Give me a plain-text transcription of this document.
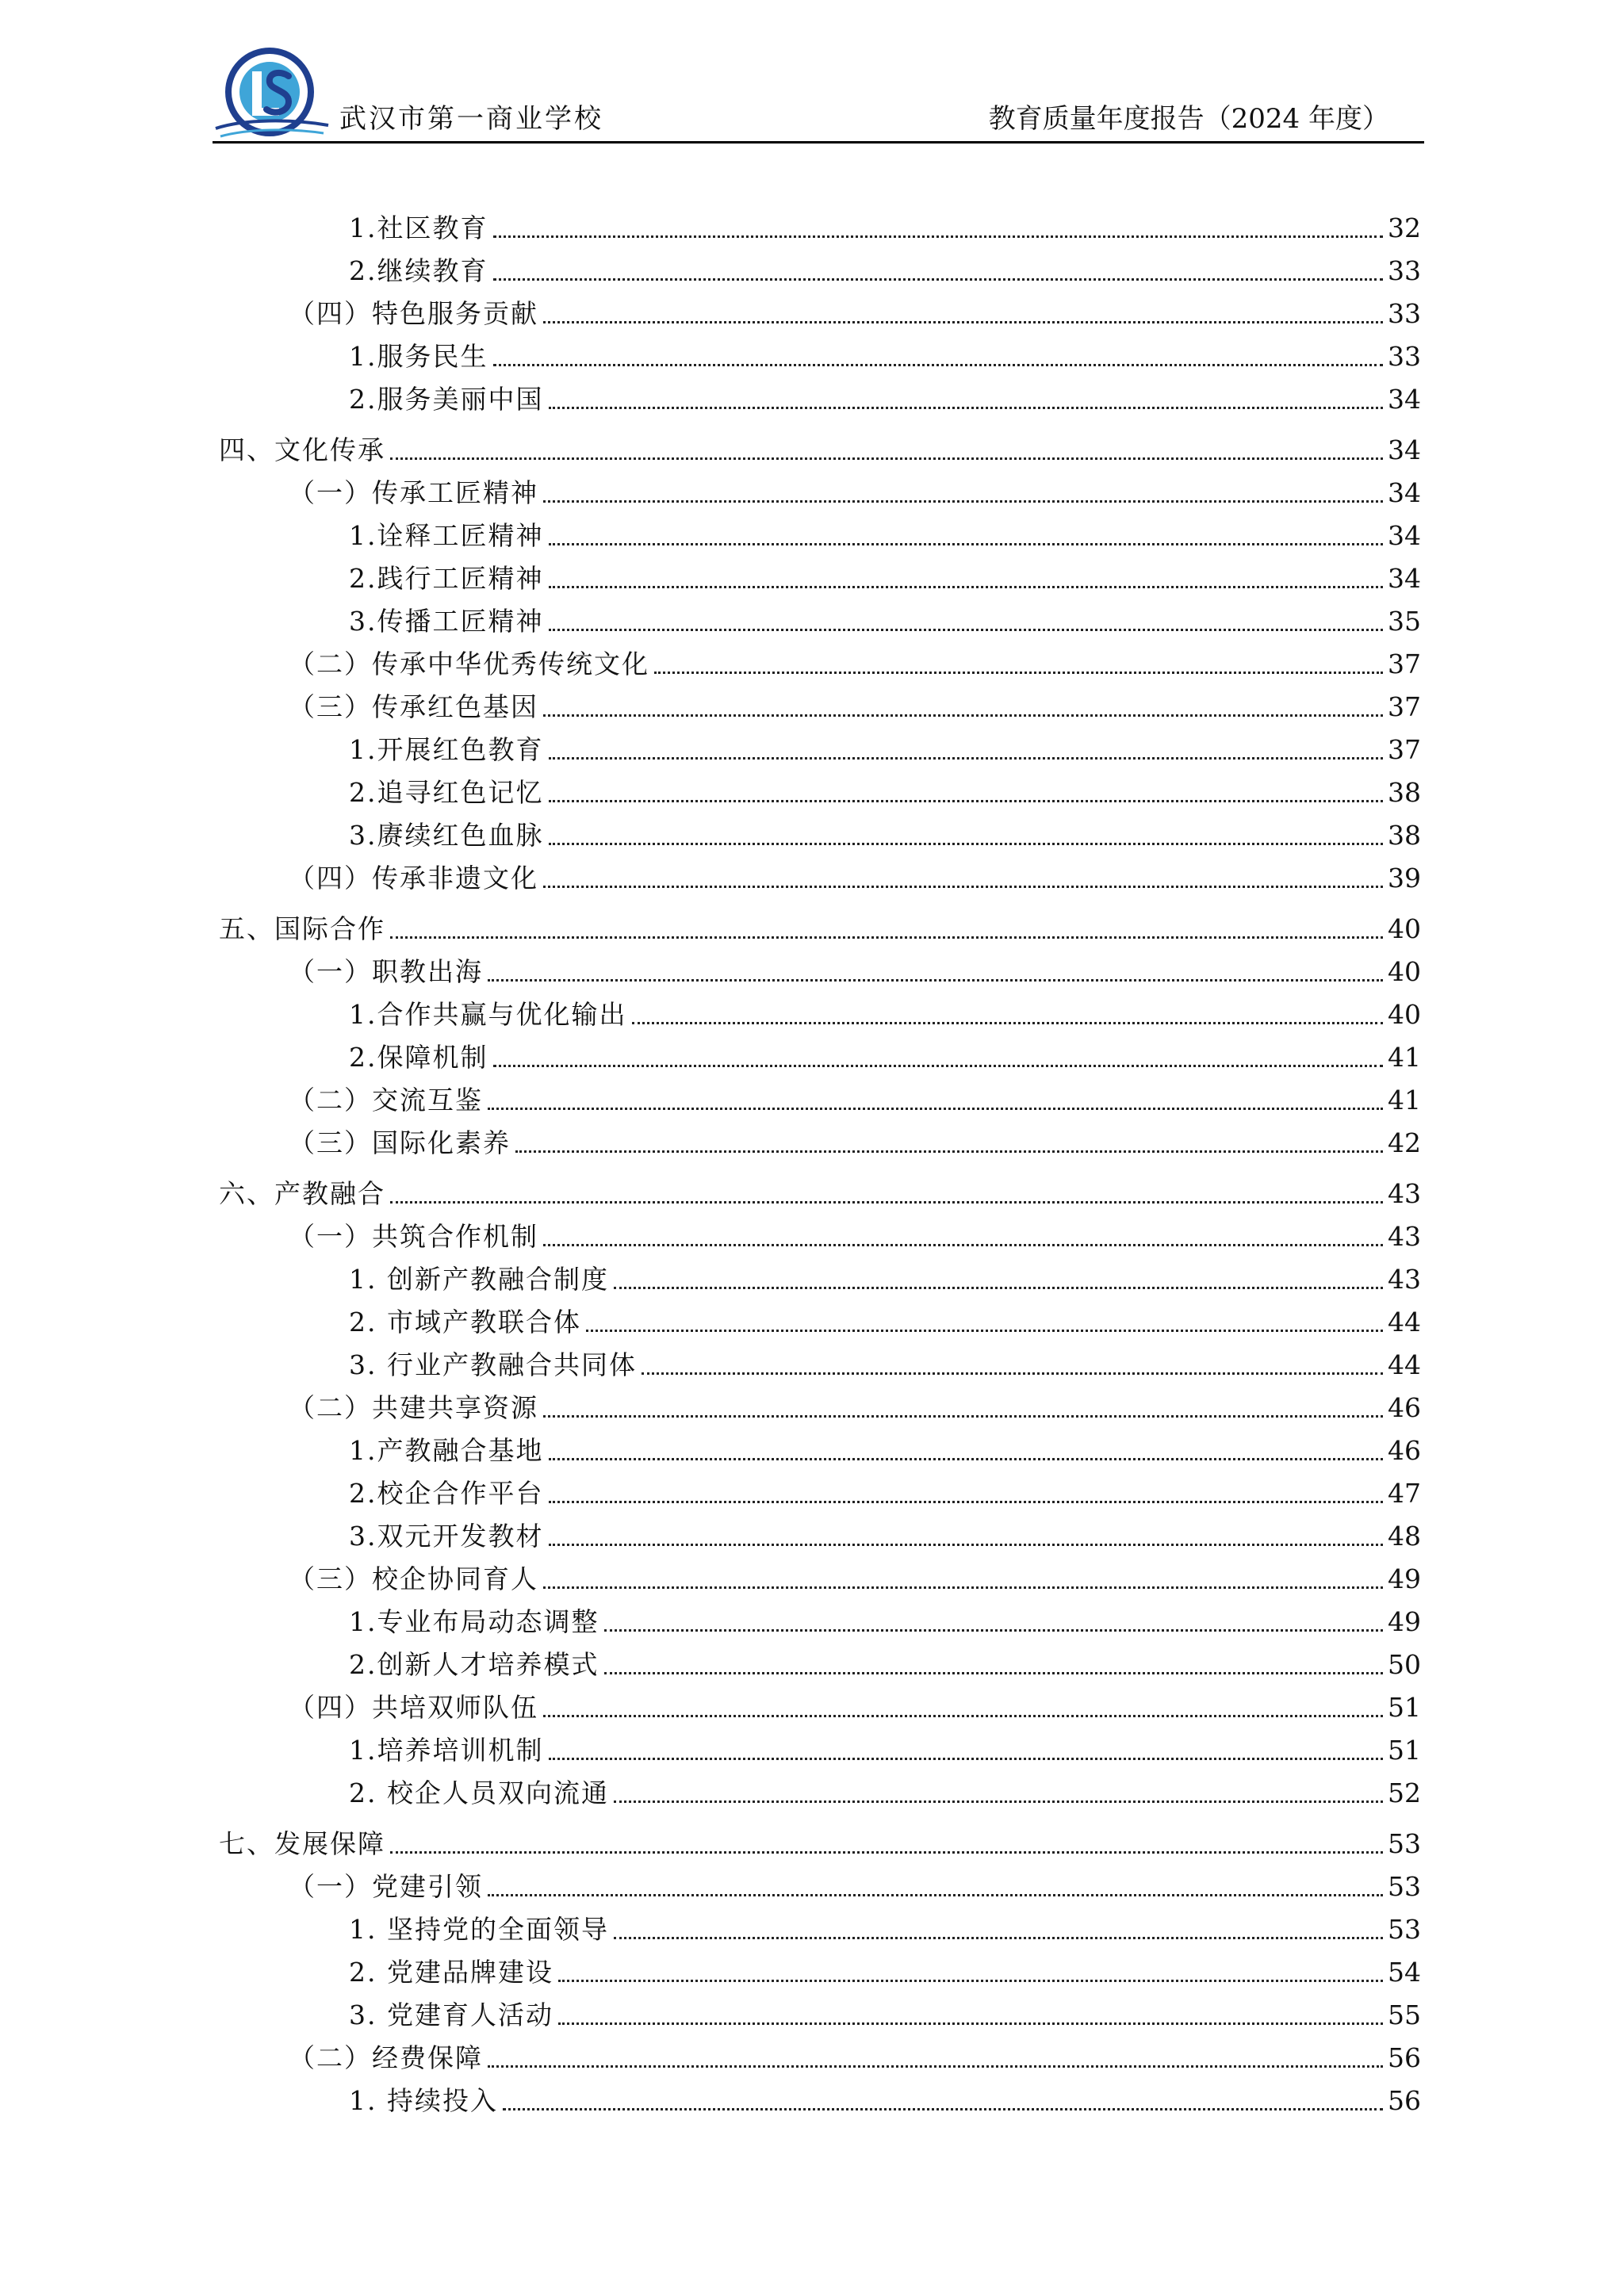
武汉市第一商业学校	教育质量年度报告（2024 年度）
1.社区教育	32
2.继续教育	33
（四）特色服务贡献	33
1.服务民生	33
2.服务美丽中国	34
四、文化传承	34
（一）传承工匠精神	34
1.诠释工匠精神	34
2.践行工匠精神	34
3.传播工匠精神	35
（二）传承中华优秀传统文化	37
（三）传承红色基因	37
1.开展红色教育	37
2.追寻红色记忆	38
3.赓续红色血脉	38
（四）传承非遗文化	39
五、国际合作	40
（一）职教出海	40
1.合作共赢与优化输出	40
2.保障机制	41
（二）交流互鉴	41
（三）国际化素养	42
六、产教融合	43
（一）共筑合作机制	43
1. 创新产教融合制度	43
2. 市域产教联合体	44
3. 行业产教融合共同体	44
（二）共建共享资源	46
1.产教融合基地	46
2.校企合作平台	47
3.双元开发教材	48
（三）校企协同育人	49
1.专业布局动态调整	49
2.创新人才培养模式	50
（四）共培双师队伍	51
1.培养培训机制	51
2. 校企人员双向流通	52
七、发展保障	53
（一）党建引领	53
1. 坚持党的全面领导	53
2. 党建品牌建设	54
3. 党建育人活动	55
（二）经费保障	56
1. 持续投入	56
